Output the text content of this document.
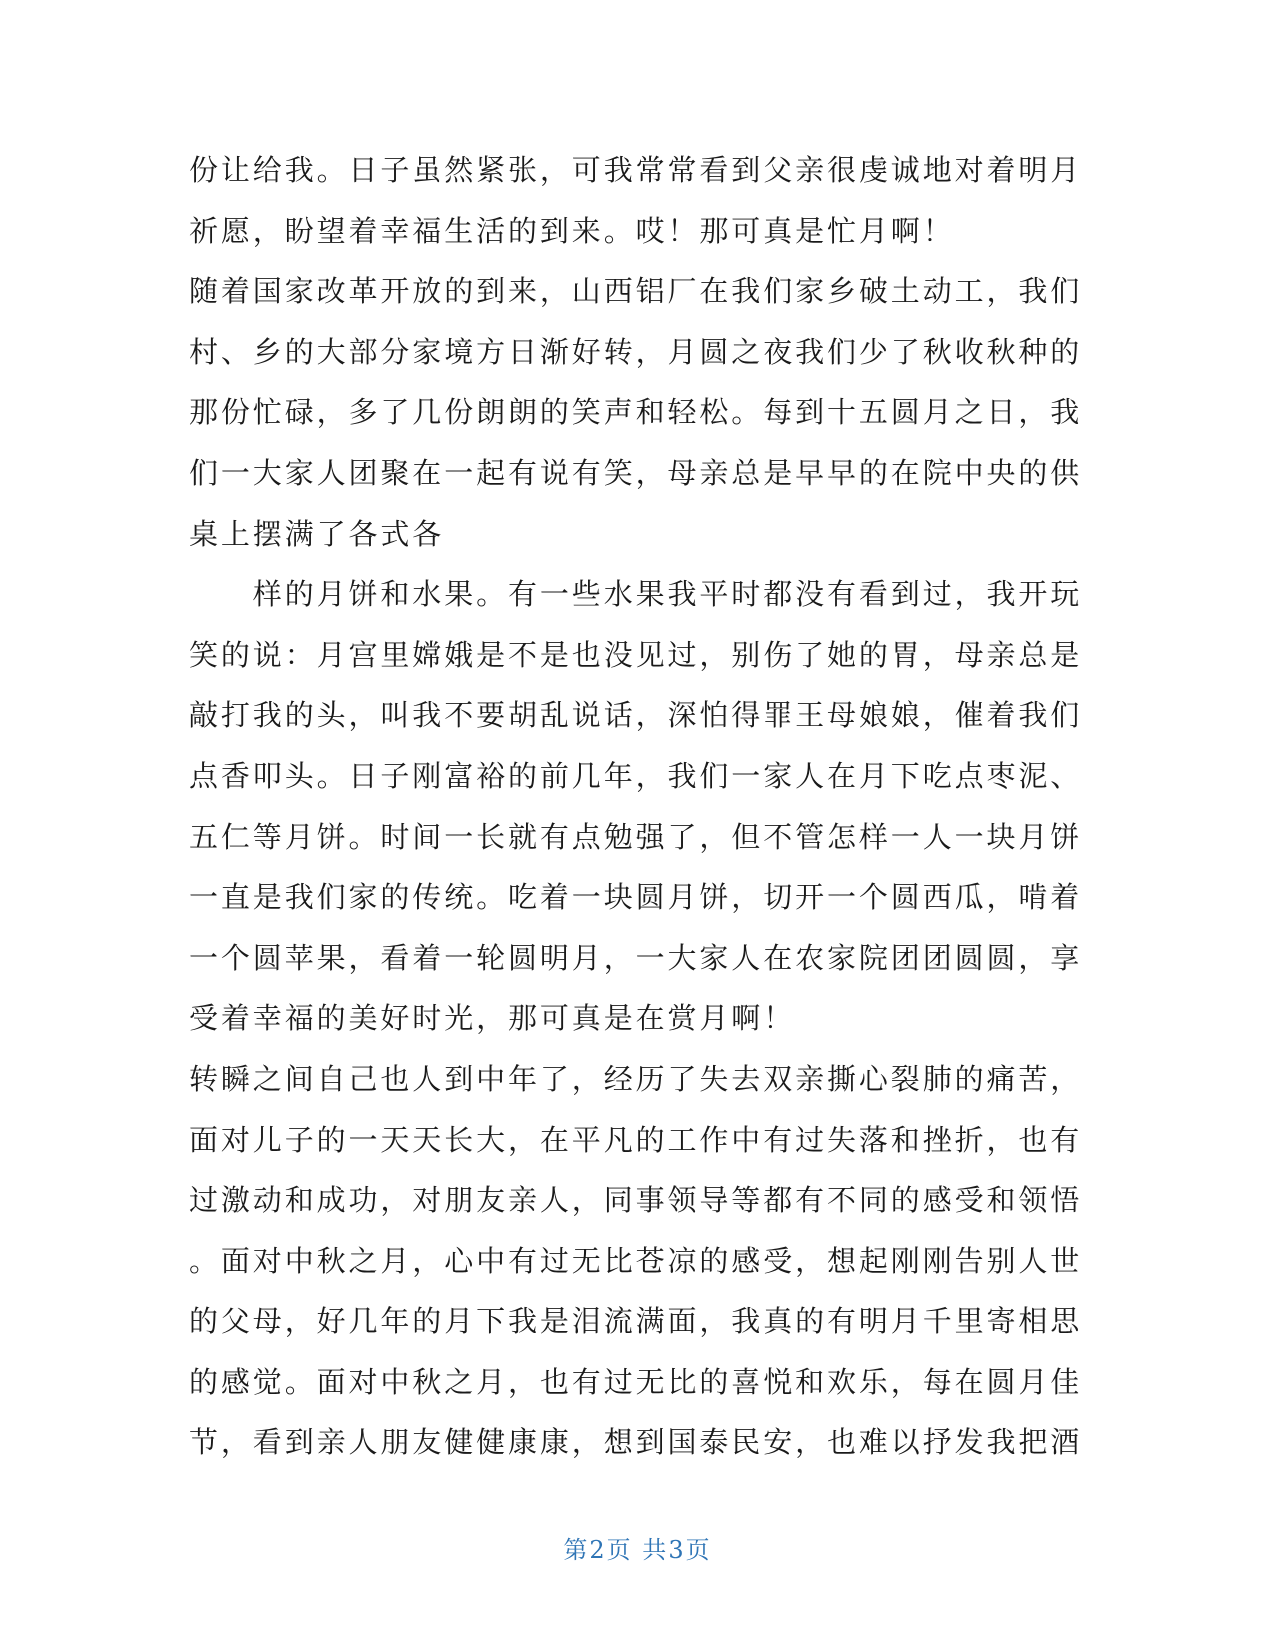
份让给我。日子虽然紧张，可我常常看到父亲很虔诚地对着明月
祈愿，盼望着幸福生活的到来。哎！那可真是忙月啊！
随着国家改革开放的到来，山西铝厂在我们家乡破土动工，我们
村、乡的大部分家境方日渐好转，月圆之夜我们少了秋收秋种的
那份忙碌，多了几份朗朗的笑声和轻松。每到十五圆月之日，我
们一大家人团聚在一起有说有笑，母亲总是早早的在院中央的供
桌上摆满了各式各
　　样的月饼和水果。有一些水果我平时都没有看到过，我开玩
笑的说：月宫里嫦娥是不是也没见过，别伤了她的胃，母亲总是
敲打我的头，叫我不要胡乱说话，深怕得罪王母娘娘，催着我们
点香叩头。日子刚富裕的前几年，我们一家人在月下吃点枣泥、
五仁等月饼。时间一长就有点勉强了，但不管怎样一人一块月饼
一直是我们家的传统。吃着一块圆月饼，切开一个圆西瓜，啃着
一个圆苹果，看着一轮圆明月，一大家人在农家院团团圆圆，享
受着幸福的美好时光，那可真是在赏月啊！
转瞬之间自己也人到中年了，经历了失去双亲撕心裂肺的痛苦，
面对儿子的一天天长大，在平凡的工作中有过失落和挫折，也有
过激动和成功，对朋友亲人，同事领导等都有不同的感受和领悟
。面对中秋之月，心中有过无比苍凉的感受，想起刚刚告别人世
的父母，好几年的月下我是泪流满面，我真的有明月千里寄相思
的感觉。面对中秋之月，也有过无比的喜悦和欢乐，每在圆月佳
节，看到亲人朋友健健康康，想到国泰民安，也难以抒发我把酒
第2页 共3页
